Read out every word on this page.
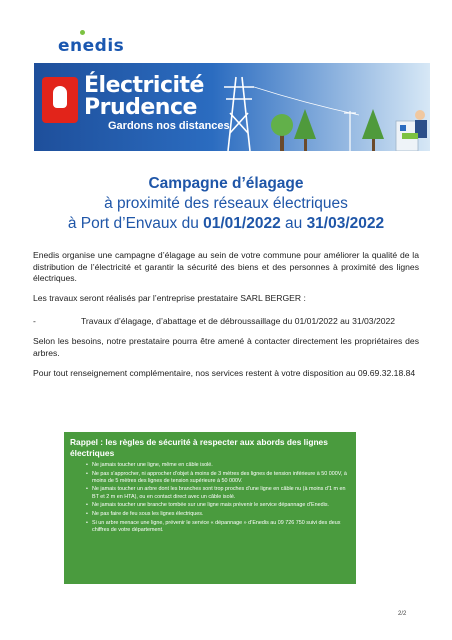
enedis
Électricité
Prudence
Gardons nos distances
Campagne d’élagage
à proximité des réseaux électriques
à Port d’Envaux du 01/01/2022 au 31/03/2022
Enedis organise une campagne d’élagage au sein de votre commune pour améliorer la qualité de la distribution de l’électricité et garantir la sécurité des biens et des personnes à proximité des lignes électriques.
Les travaux seront réalisés par l’entreprise prestataire SARL BERGER :
-	Travaux d’élagage, d’abattage et de débroussaillage du 01/01/2022 au 31/03/2022
Selon les besoins, notre prestataire pourra être amené à contacter directement les propriétaires des arbres.
Pour tout renseignement complémentaire, nos services restent à votre disposition au 09.69.32.18.84
Rappel : les règles de sécurité à respecter aux abords des lignes électriques
• Ne jamais toucher une ligne, même en câble isolé.
• Ne pas s’approcher, ni approcher d’objet à moins de 3 mètres des lignes de tension inférieure à 50 000V, à moins de 5 mètres des lignes de tension supérieure à 50 000V.
• Ne jamais toucher un arbre dont les branches sont trop proches d’une ligne en câble nu (à moins d’1 m en BT et 2 m en HTA), ou en contact direct avec un câble isolé.
• Ne jamais toucher une branche tombée sur une ligne mais prévenir le service dépannage d’Enedis.
• Ne pas faire de feu sous les lignes électriques.
• Si un arbre menace une ligne, prévenir le service « dépannage » d’Enedis au 09 726 750 suivi des deux chiffres de votre département.
2/2
